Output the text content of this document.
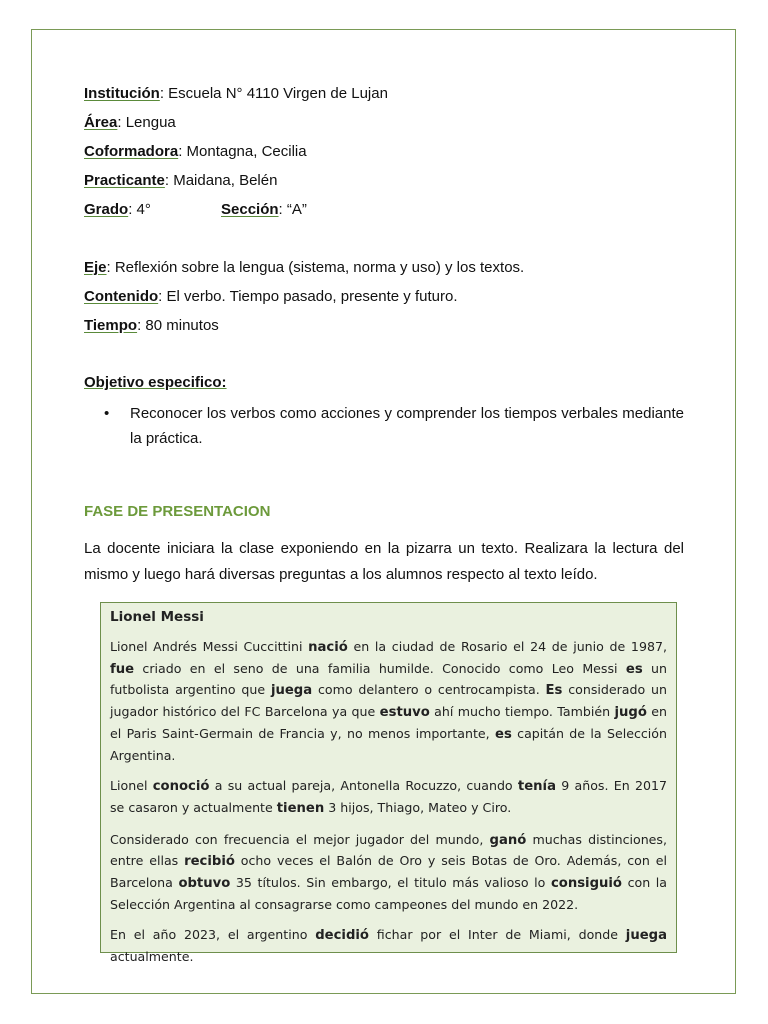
Institución: Escuela N° 4110 Virgen de Lujan
Área: Lengua
Coformadora: Montagna, Cecilia
Practicante: Maidana, Belén
Grado: 4°	Sección: “A”
Eje: Reflexión sobre la lengua (sistema, norma y uso) y los textos.
Contenido: El verbo. Tiempo pasado, presente y futuro.
Tiempo: 80 minutos
Objetivo especifico:
• Reconocer los verbos como acciones y comprender los tiempos verbales mediante la práctica.
FASE DE PRESENTACION
La docente iniciara la clase exponiendo en la pizarra un texto. Realizara la lectura del mismo y luego hará diversas preguntas a los alumnos respecto al texto leído.
Lionel Messi

Lionel Andrés Messi Cuccittini nació en la ciudad de Rosario el 24 de junio de 1987, fue criado en el seno de una familia humilde. Conocido como Leo Messi es un futbolista argentino que juega como delantero o centrocampista. Es considerado un jugador histórico del FC Barcelona ya que estuvo ahí mucho tiempo. También jugó en el Paris Saint-Germain de Francia y, no menos importante, es capitán de la Selección Argentina.

Lionel conoció a su actual pareja, Antonella Rocuzzo, cuando tenía 9 años. En 2017 se casaron y actualmente tienen 3 hijos, Thiago, Mateo y Ciro.

Considerado con frecuencia el mejor jugador del mundo, ganó muchas distinciones, entre ellas recibió ocho veces el Balón de Oro y seis Botas de Oro. Además, con el Barcelona obtuvo 35 títulos. Sin embargo, el titulo más valioso lo consiguió con la Selección Argentina al consagrarse como campeones del mundo en 2022.

En el año 2023, el argentino decidió fichar por el Inter de Miami, donde juega actualmente.
